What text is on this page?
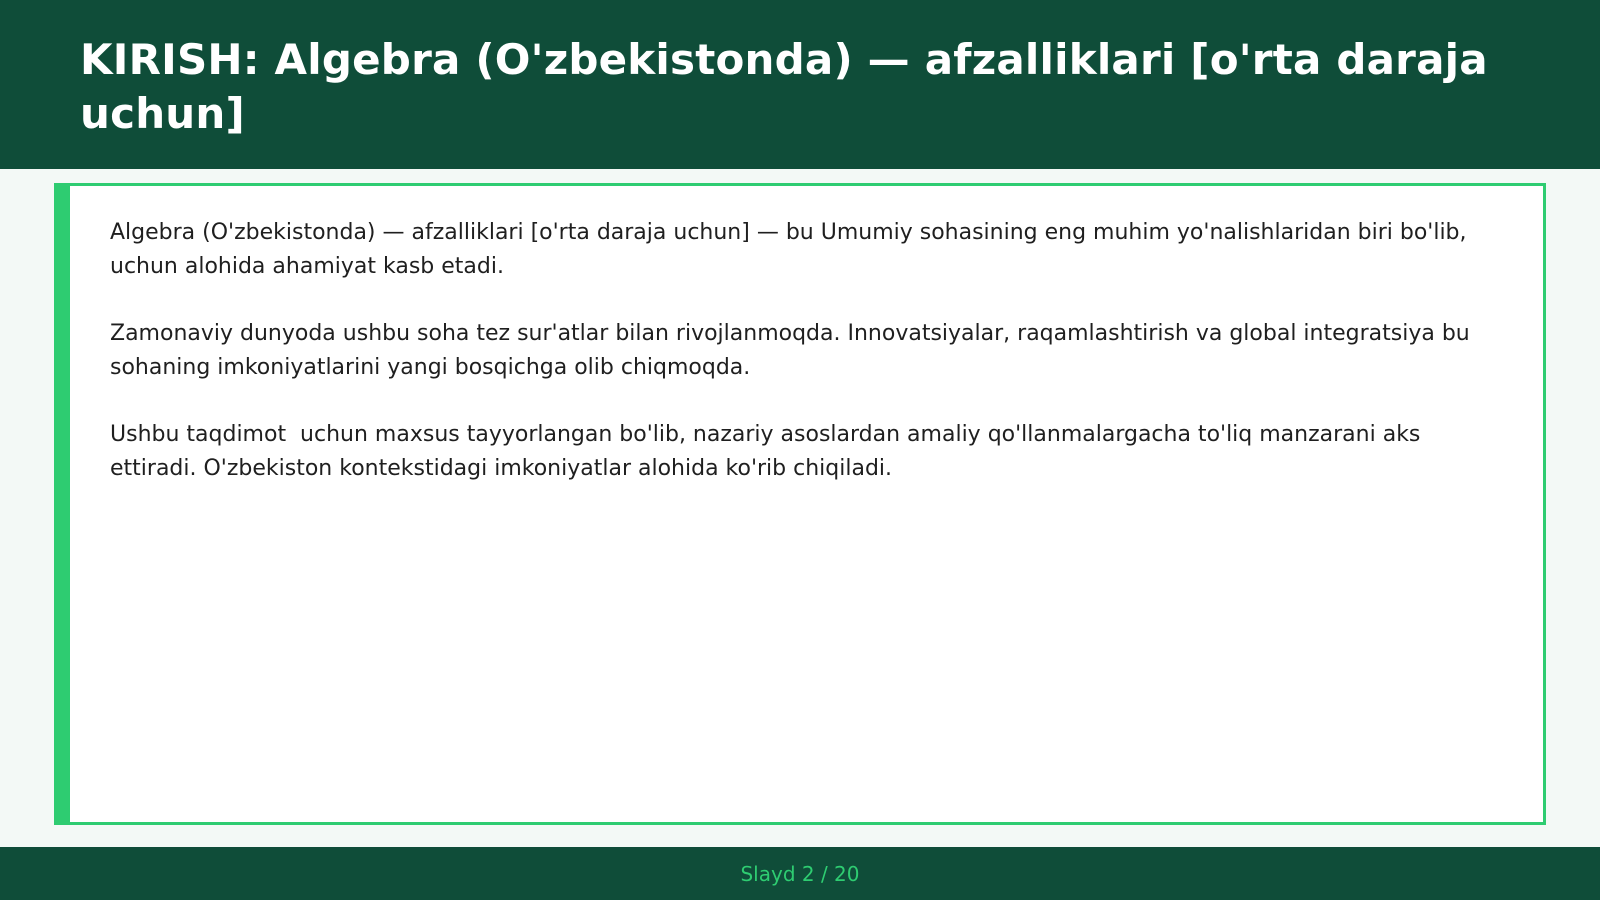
KIRISH: Algebra (O'zbekistonda) — afzalliklari [o'rta daraja uchun]

Algebra (O'zbekistonda) — afzalliklari [o'rta daraja uchun] — bu Umumiy sohasining eng muhim yo'nalishlaridan biri bo'lib, uchun alohida ahamiyat kasb etadi.

Zamonaviy dunyoda ushbu soha tez sur'atlar bilan rivojlanmoqda. Innovatsiyalar, raqamlashtirish va global integratsiya bu sohaning imkoniyatlarini yangi bosqichga olib chiqmoqda.

Ushbu taqdimot  uchun maxsus tayyorlangan bo'lib, nazariy asoslardan amaliy qo'llanmalargacha to'liq manzarani aks ettiradi. O'zbekiston kontekstidagi imkoniyatlar alohida ko'rib chiqiladi.

Slayd 2 / 20
